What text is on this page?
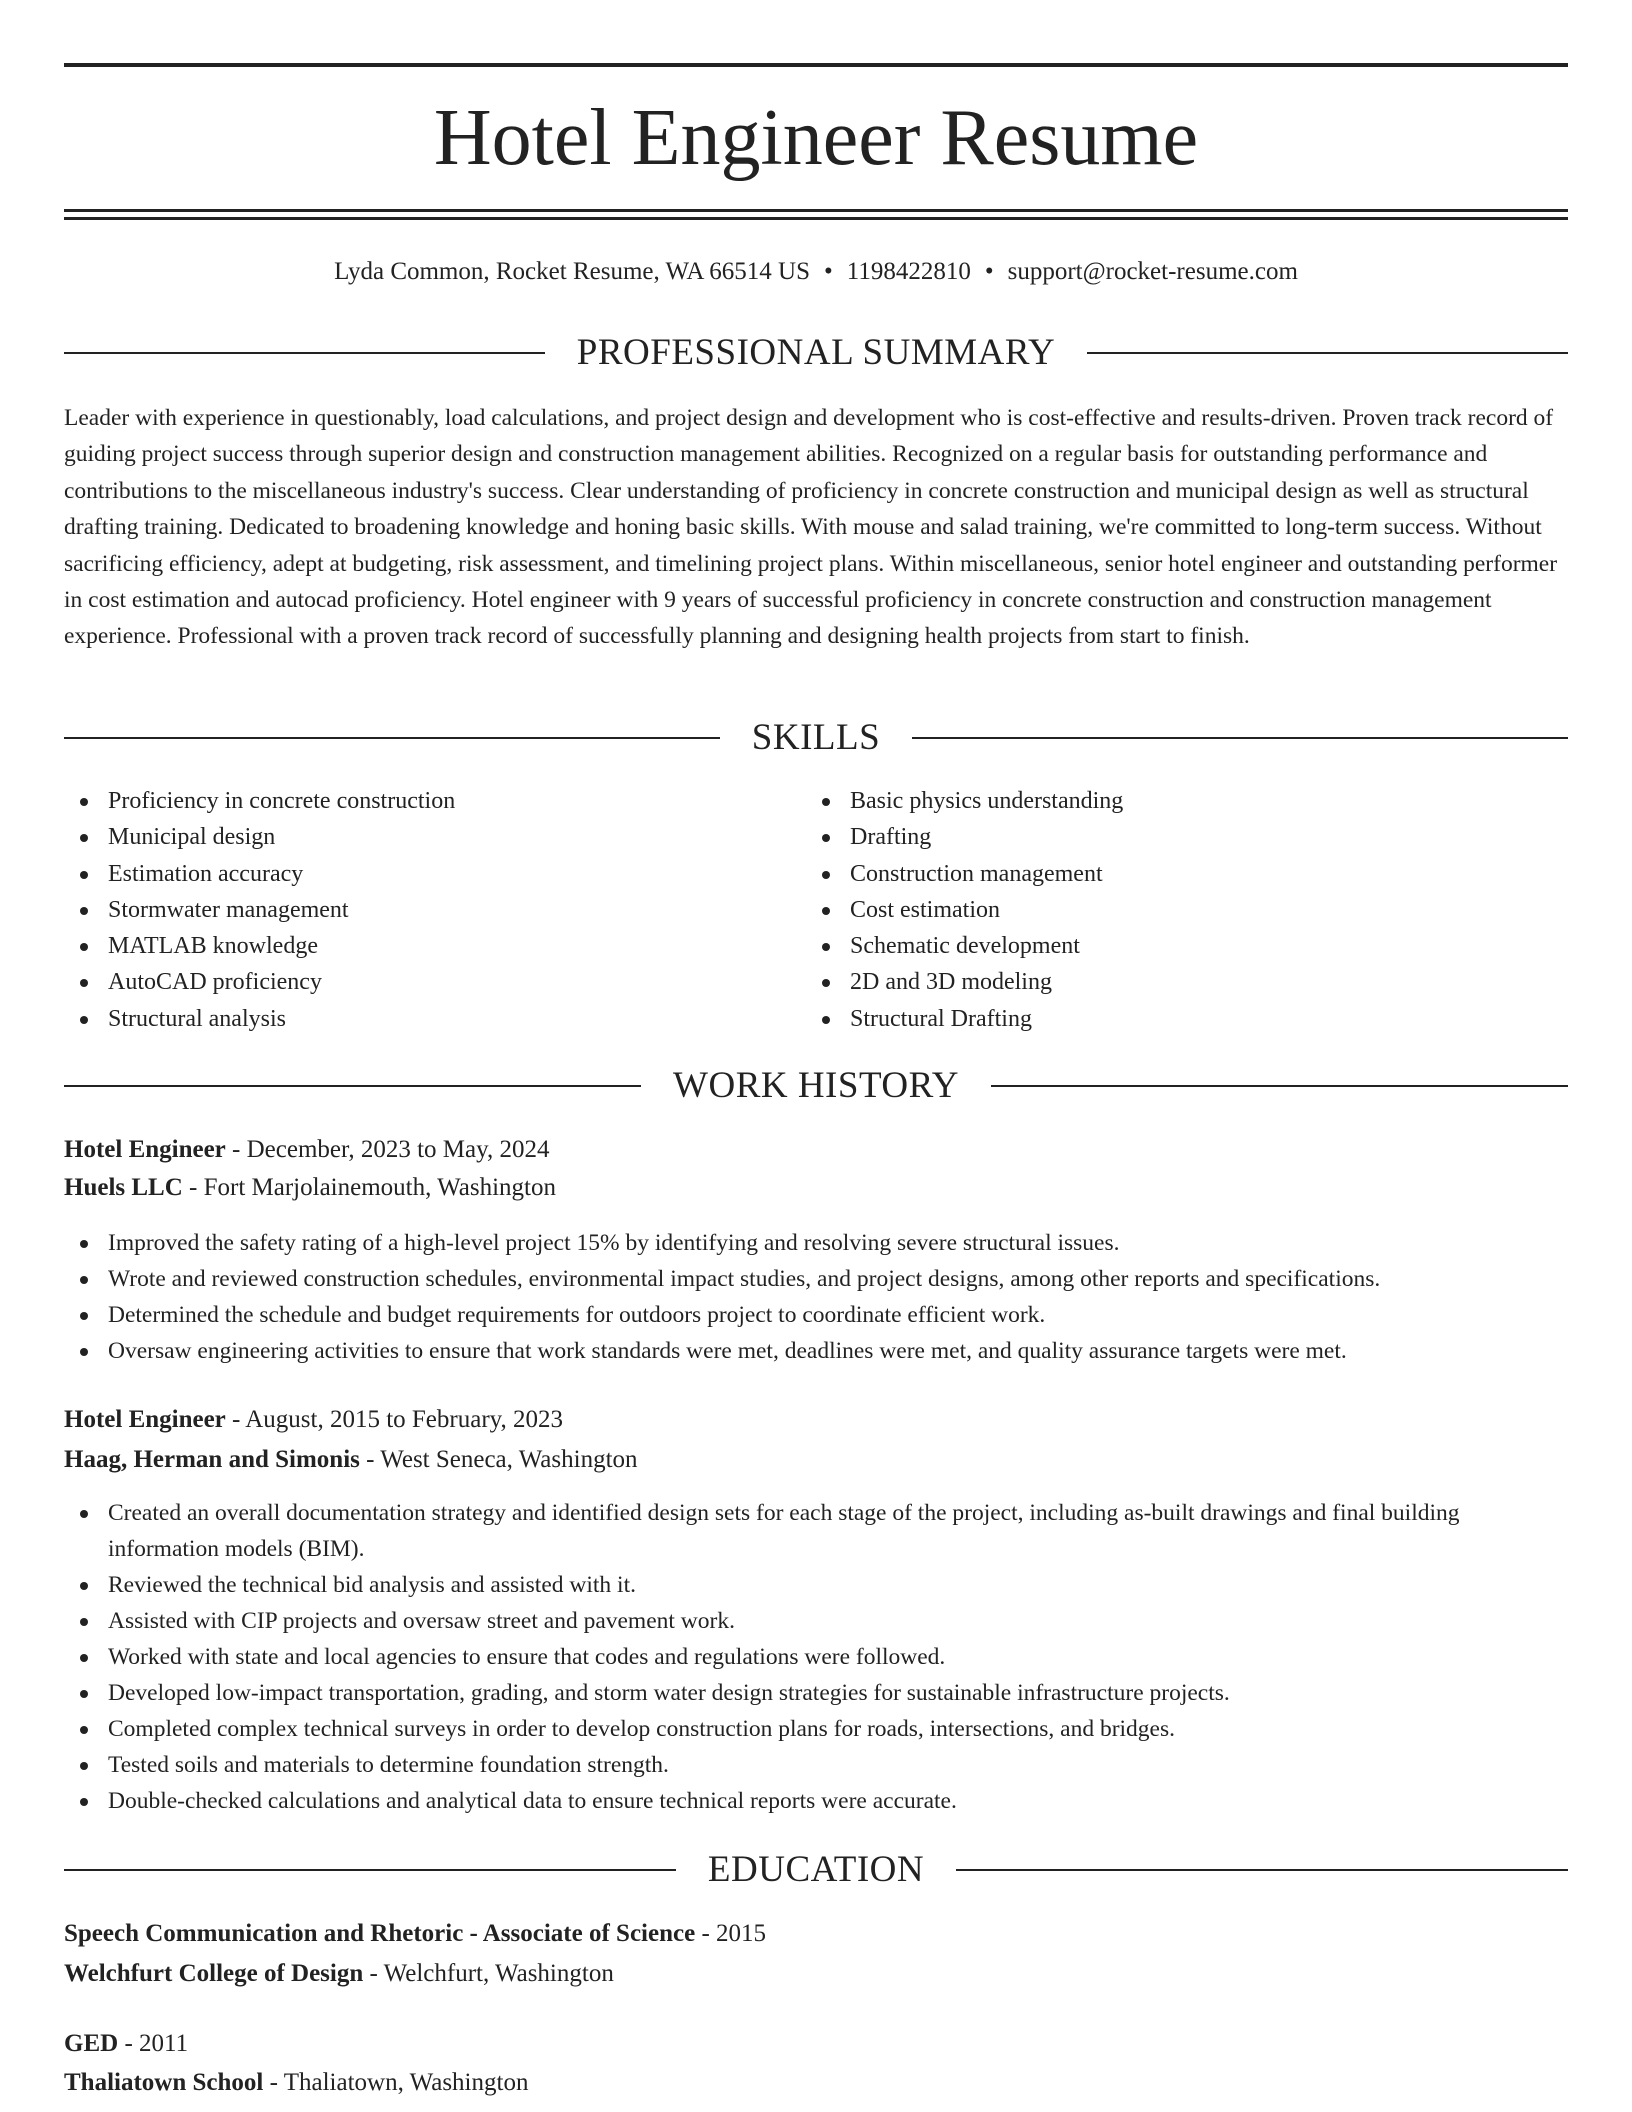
Hotel Engineer Resume
Lyda Common, Rocket Resume, WA 66514 US • 1198422810 • support@rocket-resume.com
PROFESSIONAL SUMMARY

Leader with experience in questionably, load calculations, and project design and development who is cost-effective and results-driven. Proven track record of guiding project success through superior design and construction management abilities. Recognized on a regular basis for outstanding performance and contributions to the miscellaneous industry's success. Clear understanding of proficiency in concrete construction and municipal design as well as structural drafting training. Dedicated to broadening knowledge and honing basic skills. With mouse and salad training, we're committed to long-term success. Without sacrificing efficiency, adept at budgeting, risk assessment, and timelining project plans. Within miscellaneous, senior hotel engineer and outstanding performer in cost estimation and autocad proficiency. Hotel engineer with 9 years of successful proficiency in concrete construction and construction management experience. Professional with a proven track record of successfully planning and designing health projects from start to finish.

SKILLS
Proficiency in concrete construction
Municipal design
Estimation accuracy
Stormwater management
MATLAB knowledge
AutoCAD proficiency
Structural analysis
Basic physics understanding
Drafting
Construction management
Cost estimation
Schematic development
2D and 3D modeling
Structural Drafting
WORK HISTORY
Hotel Engineer - December, 2023 to May, 2024
Huels LLC - Fort Marjolainemouth, Washington
Improved the safety rating of a high-level project 15% by identifying and resolving severe structural issues.
Wrote and reviewed construction schedules, environmental impact studies, and project designs, among other reports and specifications.
Determined the schedule and budget requirements for outdoors project to coordinate efficient work.
Oversaw engineering activities to ensure that work standards were met, deadlines were met, and quality assurance targets were met.
Hotel Engineer - August, 2015 to February, 2023
Haag, Herman and Simonis - West Seneca, Washington
Created an overall documentation strategy and identified design sets for each stage of the project, including as-built drawings and final building information models (BIM).
Reviewed the technical bid analysis and assisted with it.
Assisted with CIP projects and oversaw street and pavement work.
Worked with state and local agencies to ensure that codes and regulations were followed.
Developed low-impact transportation, grading, and storm water design strategies for sustainable infrastructure projects.
Completed complex technical surveys in order to develop construction plans for roads, intersections, and bridges.
Tested soils and materials to determine foundation strength.
Double-checked calculations and analytical data to ensure technical reports were accurate.
EDUCATION
Speech Communication and Rhetoric - Associate of Science - 2015
Welchfurt College of Design - Welchfurt, Washington
GED - 2011
Thaliatown School - Thaliatown, Washington
